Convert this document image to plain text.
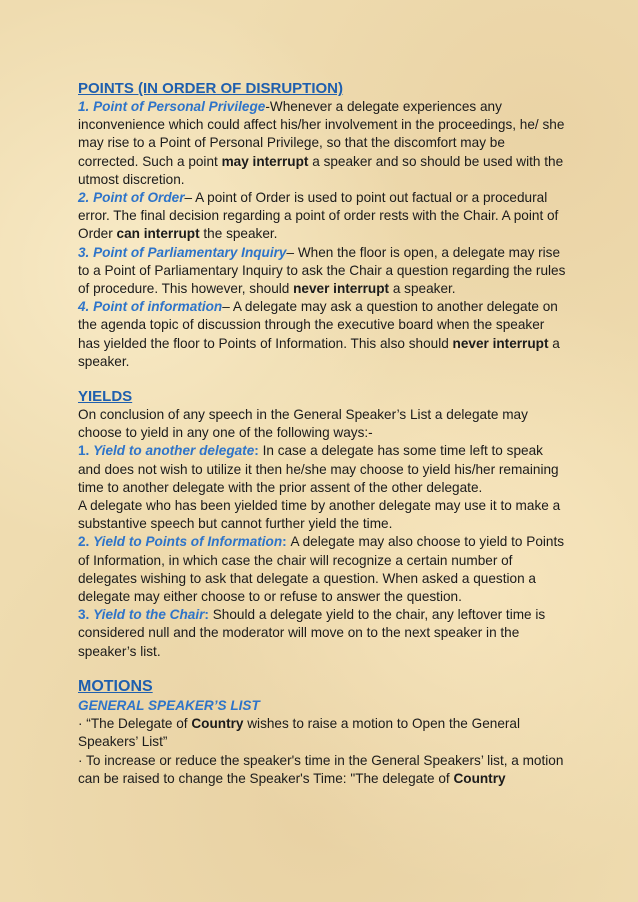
POINTS (IN ORDER OF DISRUPTION)

1. Point of Personal Privilege-Whenever a delegate experiences any inconvenience which could affect his/her involvement in the proceedings, he/ she may rise to a Point of Personal Privilege, so that the discomfort may be corrected. Such a point may interrupt a speaker and so should be used with the utmost discretion.

2. Point of Order– A point of Order is used to point out factual or a procedural error. The final decision regarding a point of order rests with the Chair. A point of Order can interrupt the speaker.

3. Point of Parliamentary Inquiry– When the floor is open, a delegate may rise to a Point of Parliamentary Inquiry to ask the Chair a question regarding the rules of procedure. This however, should never interrupt a speaker.

4. Point of information– A delegate may ask a question to another delegate on the agenda topic of discussion through the executive board when the speaker has yielded the floor to Points of Information. This also should never interrupt a speaker.

YIELDS

On conclusion of any speech in the General Speaker’s List a delegate may choose to yield in any one of the following ways:-

1. Yield to another delegate: In case a delegate has some time left to speak and does not wish to utilize it then he/she may choose to yield his/her remaining time to another delegate with the prior assent of the other delegate.

A delegate who has been yielded time by another delegate may use it to make a substantive speech but cannot further yield the time.

2. Yield to Points of Information: A delegate may also choose to yield to Points of Information, in which case the chair will recognize a certain number of delegates wishing to ask that delegate a question. When asked a question a delegate may either choose to or refuse to answer the question.

3. Yield to the Chair: Should a delegate yield to the chair, any leftover time is considered null and the moderator will move on to the next speaker in the speaker’s list.

MOTIONS
GENERAL SPEAKER’S LIST

· “The Delegate of Country wishes to raise a motion to Open the General Speakers’ List”

· To increase or reduce the speaker's time in the General Speakers’ list, a motion can be raised to change the Speaker's Time: "The delegate of Country
